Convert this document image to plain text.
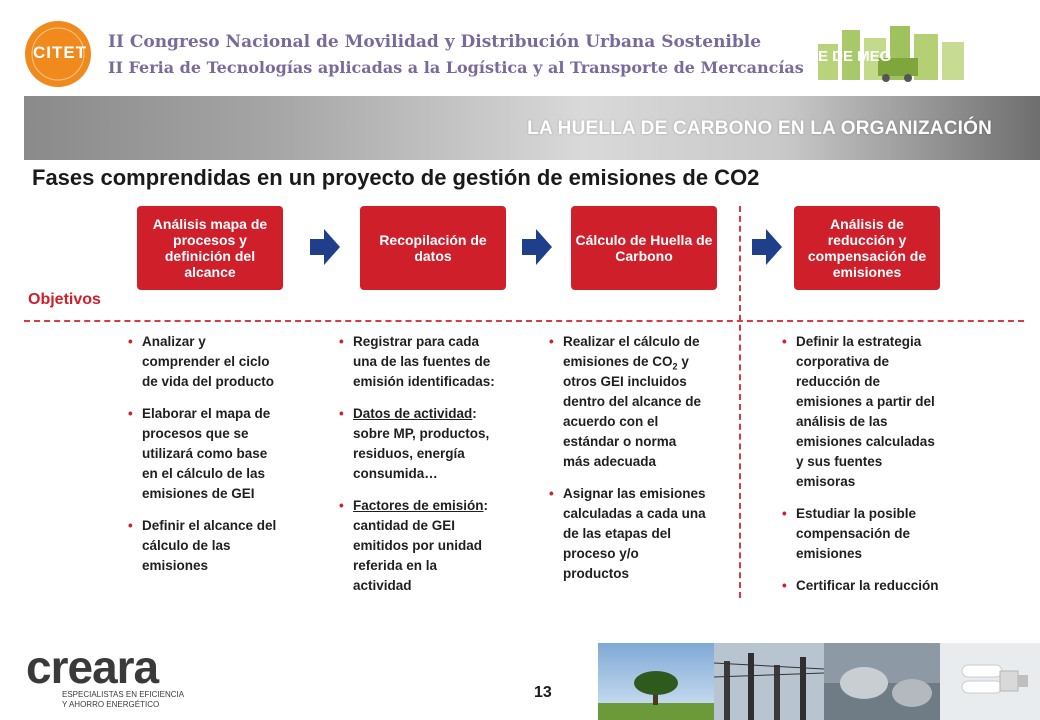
CITET
II Congreso Nacional de Movilidad y Distribución Urbana Sostenible
II Feria de Tecnologías aplicadas a la Logística y al Transporte de Mercancías
E DE MEG
LA HUELLA DE CARBONO EN LA ORGANIZACIÓN
Fases comprendidas en un proyecto de gestión de emisiones de CO2
Análisis mapa de procesos y definición del alcance
Recopilación de datos
Cálculo de Huella de Carbono
Análisis de reducción y compensación de emisiones
Objetivos
• Analizar y comprender el ciclo de vida del producto
• Elaborar el mapa de procesos que se utilizará como base en el cálculo de las emisiones de GEI
• Definir el alcance del cálculo de las emisiones
• Registrar para cada una de las fuentes de emisión identificadas:
• Datos de actividad: sobre MP, productos, residuos, energía consumida…
• Factores de emisión: cantidad de GEI emitidos por unidad referida en la actividad
• Realizar el cálculo de emisiones de $CO_2$ y otros GEI incluidos dentro del alcance de acuerdo con el estándar o norma más adecuada
• Asignar las emisiones calculadas a cada una de las etapas del proceso y/o productos
• Definir la estrategia corporativa de reducción de emisiones a partir del análisis de las emisiones calculadas y sus fuentes emisoras
• Estudiar la posible compensación de emisiones
• Certificar la reducción
creara
ESPECIALISTAS EN EFICIENCIA
Y AHORRO ENERGÉTICO
13
